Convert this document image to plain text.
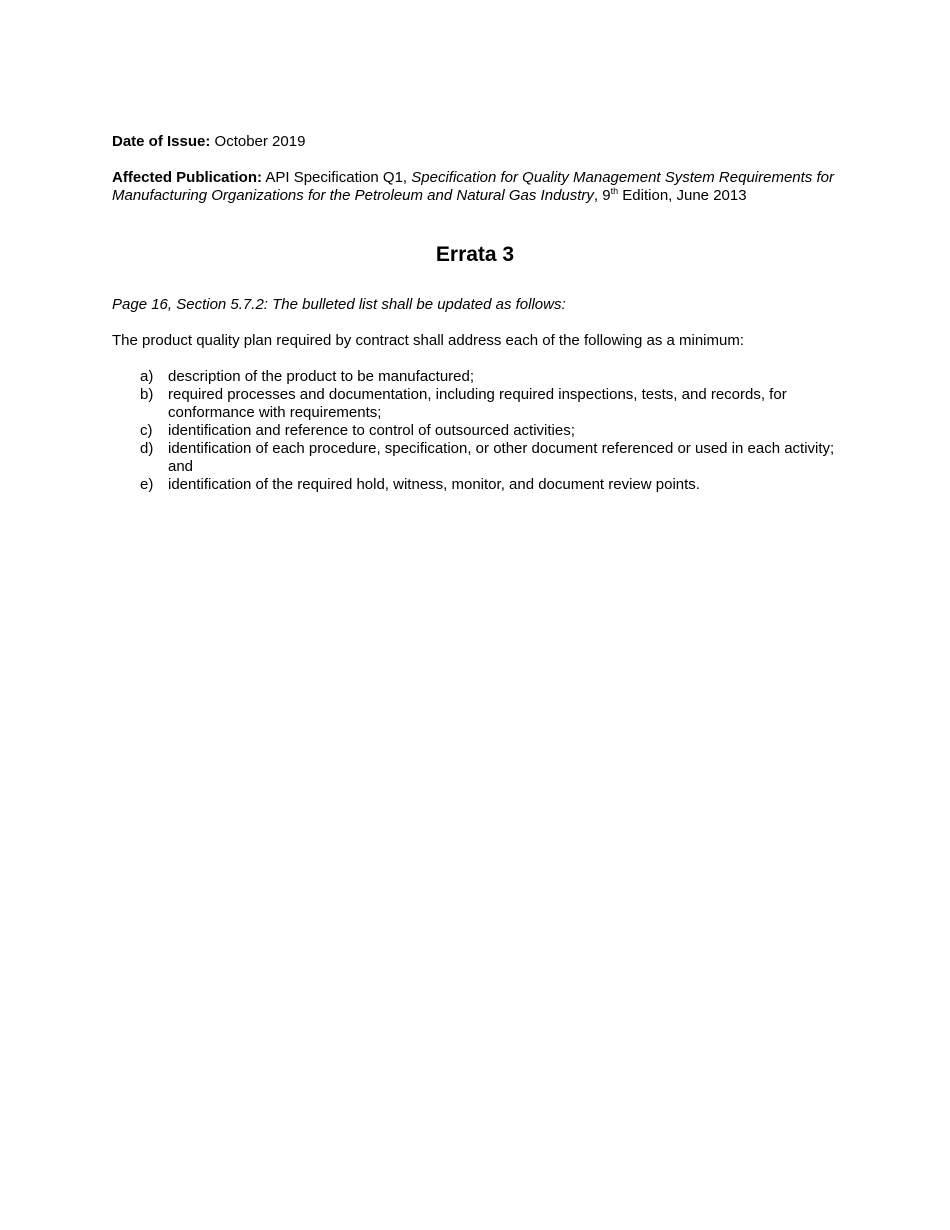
Date of Issue: October 2019
Affected Publication: API Specification Q1, Specification for Quality Management System Requirements for Manufacturing Organizations for the Petroleum and Natural Gas Industry, 9th Edition, June 2013
Errata 3
Page 16, Section 5.7.2: The bulleted list shall be updated as follows:
The product quality plan required by contract shall address each of the following as a minimum:
a) description of the product to be manufactured;
b) required processes and documentation, including required inspections, tests, and records, for conformance with requirements;
c)	identification and reference to control of outsourced activities;
d) identification of each procedure, specification, or other document referenced or used in each activity; and
e) identification of the required hold, witness, monitor, and document review points.
